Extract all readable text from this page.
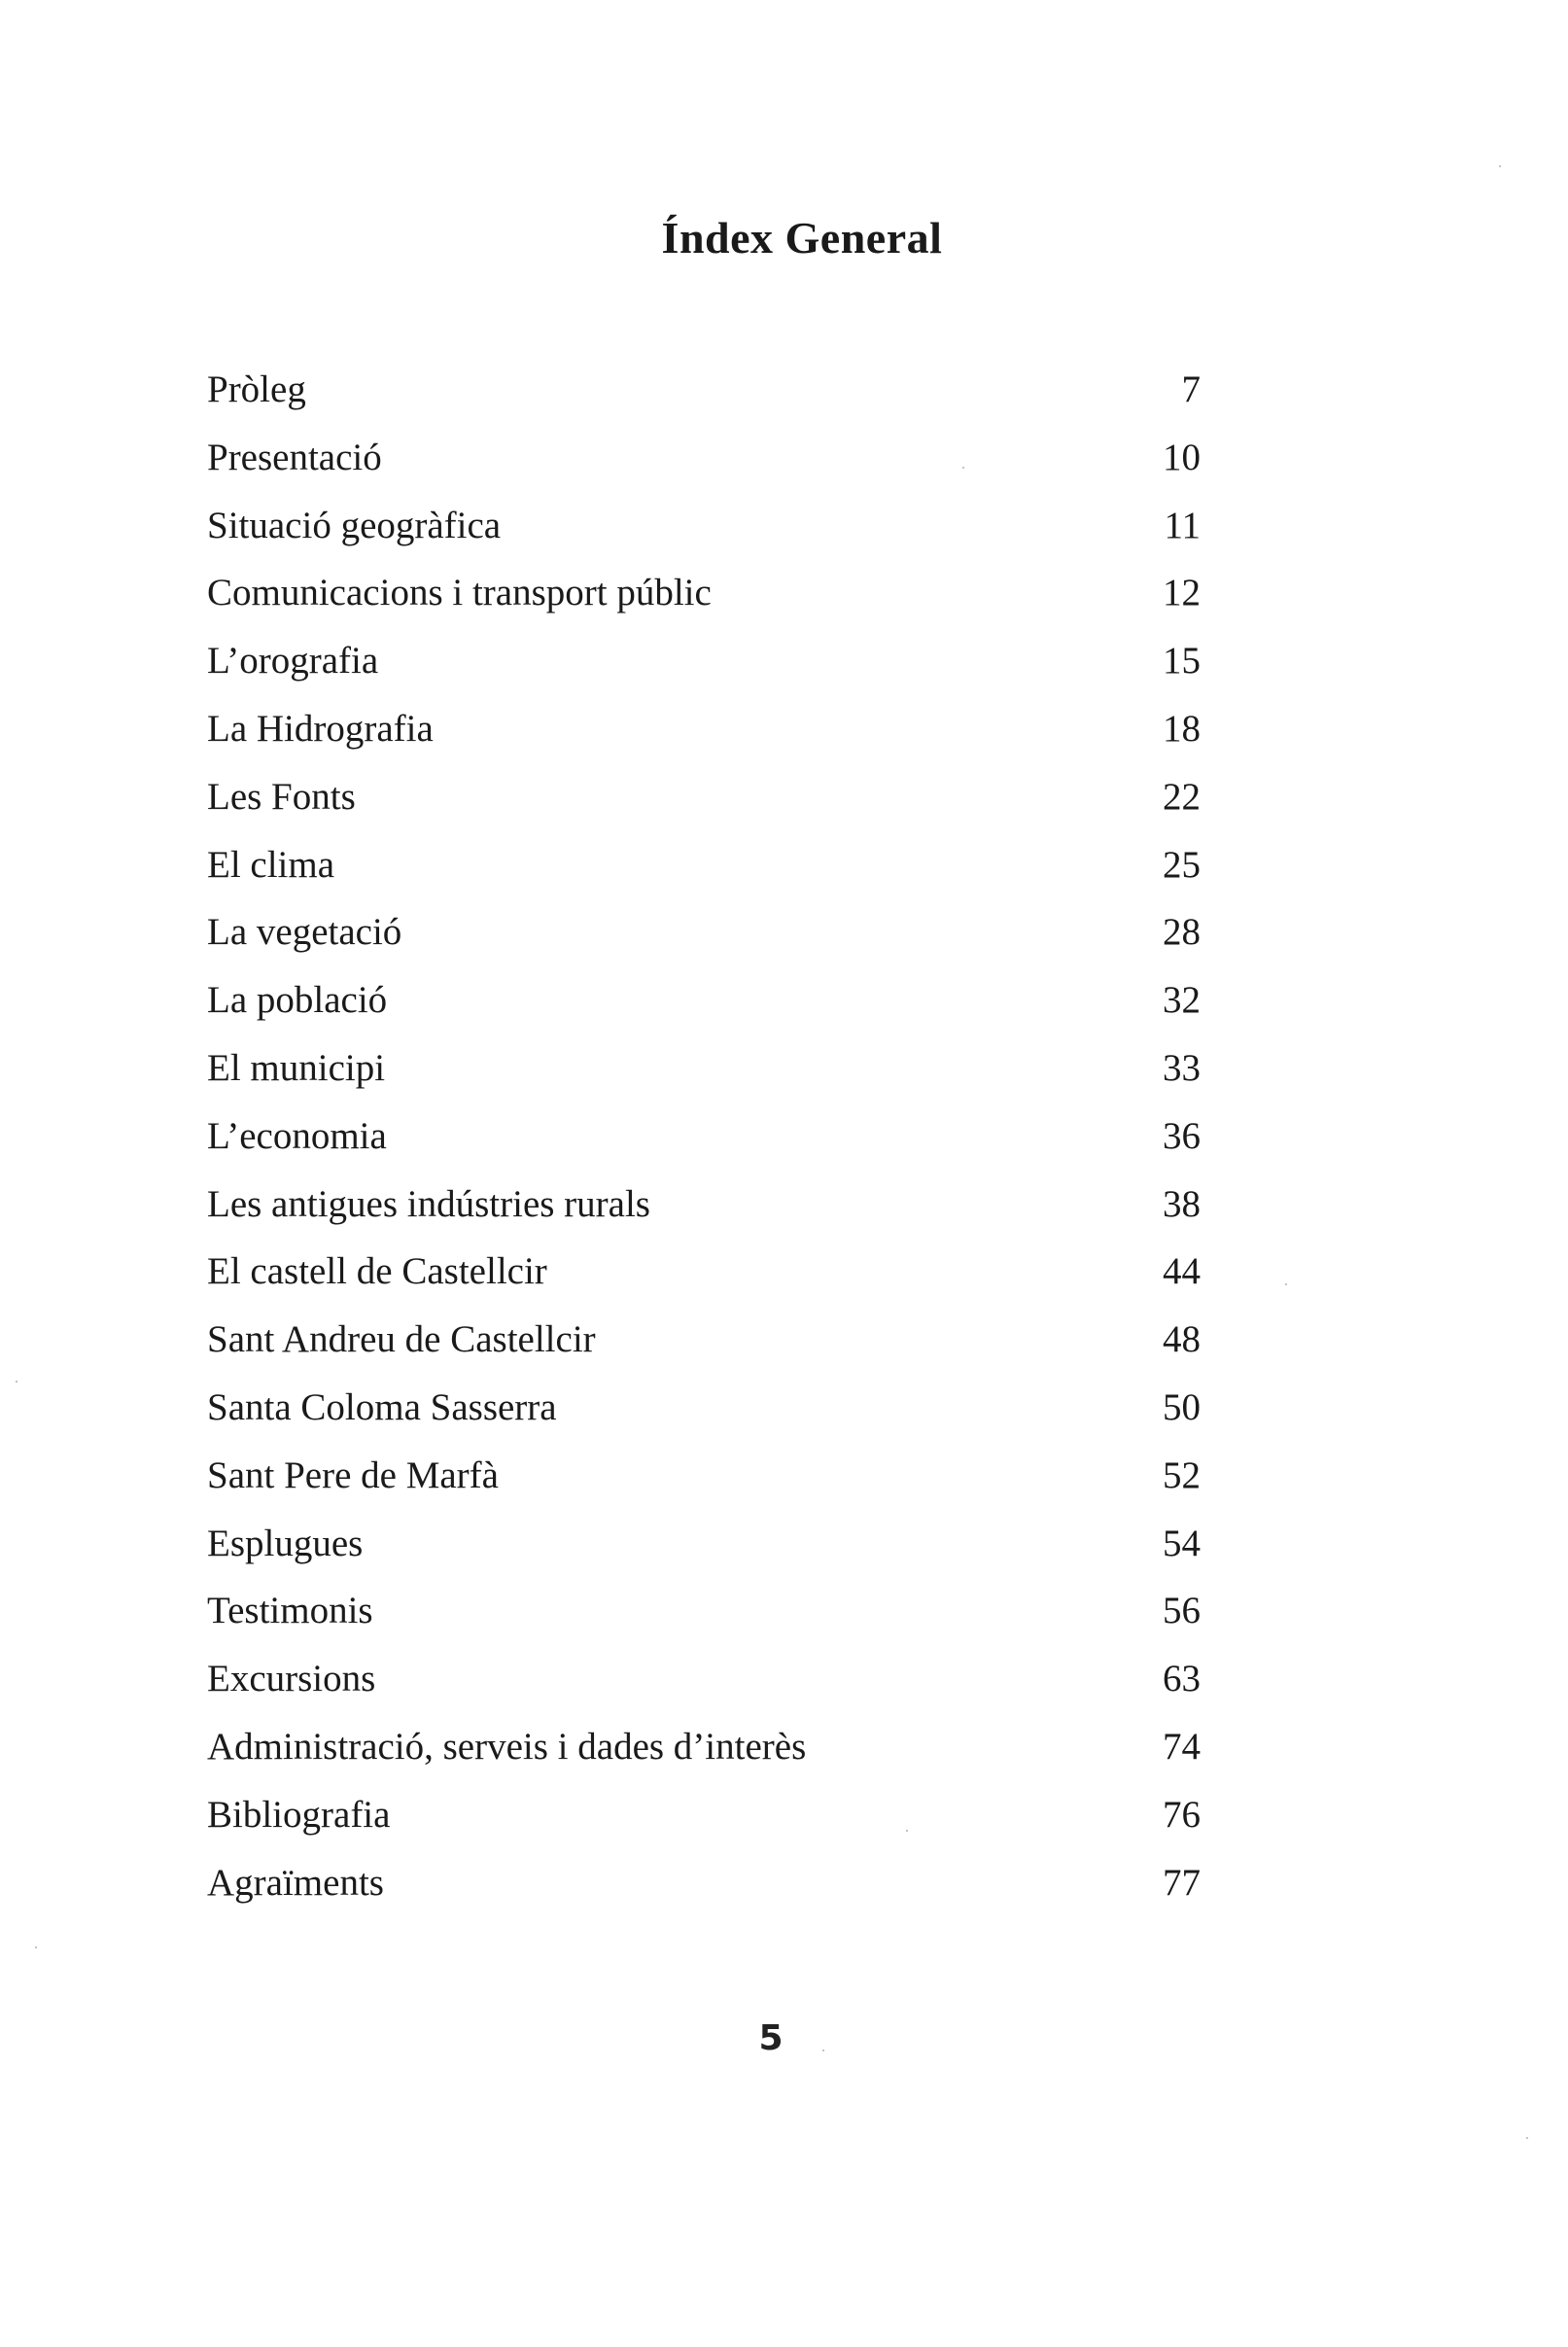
Índex General
Pròleg	7
Presentació	10
Situació geogràfica	11
Comunicacions i transport públic	12
L’orografia	15
La Hidrografia	18
Les Fonts	22
El clima	25
La vegetació	28
La població	32
El municipi	33
L’economia	36
Les antigues indústries rurals	38
El castell de Castellcir	44
Sant Andreu de Castellcir	48
Santa Coloma Sasserra	50
Sant Pere de Marfà	52
Esplugues	54
Testimonis	56
Excursions	63
Administració, serveis i dades d’interès	74
Bibliografia	76
Agraïments	77
5
